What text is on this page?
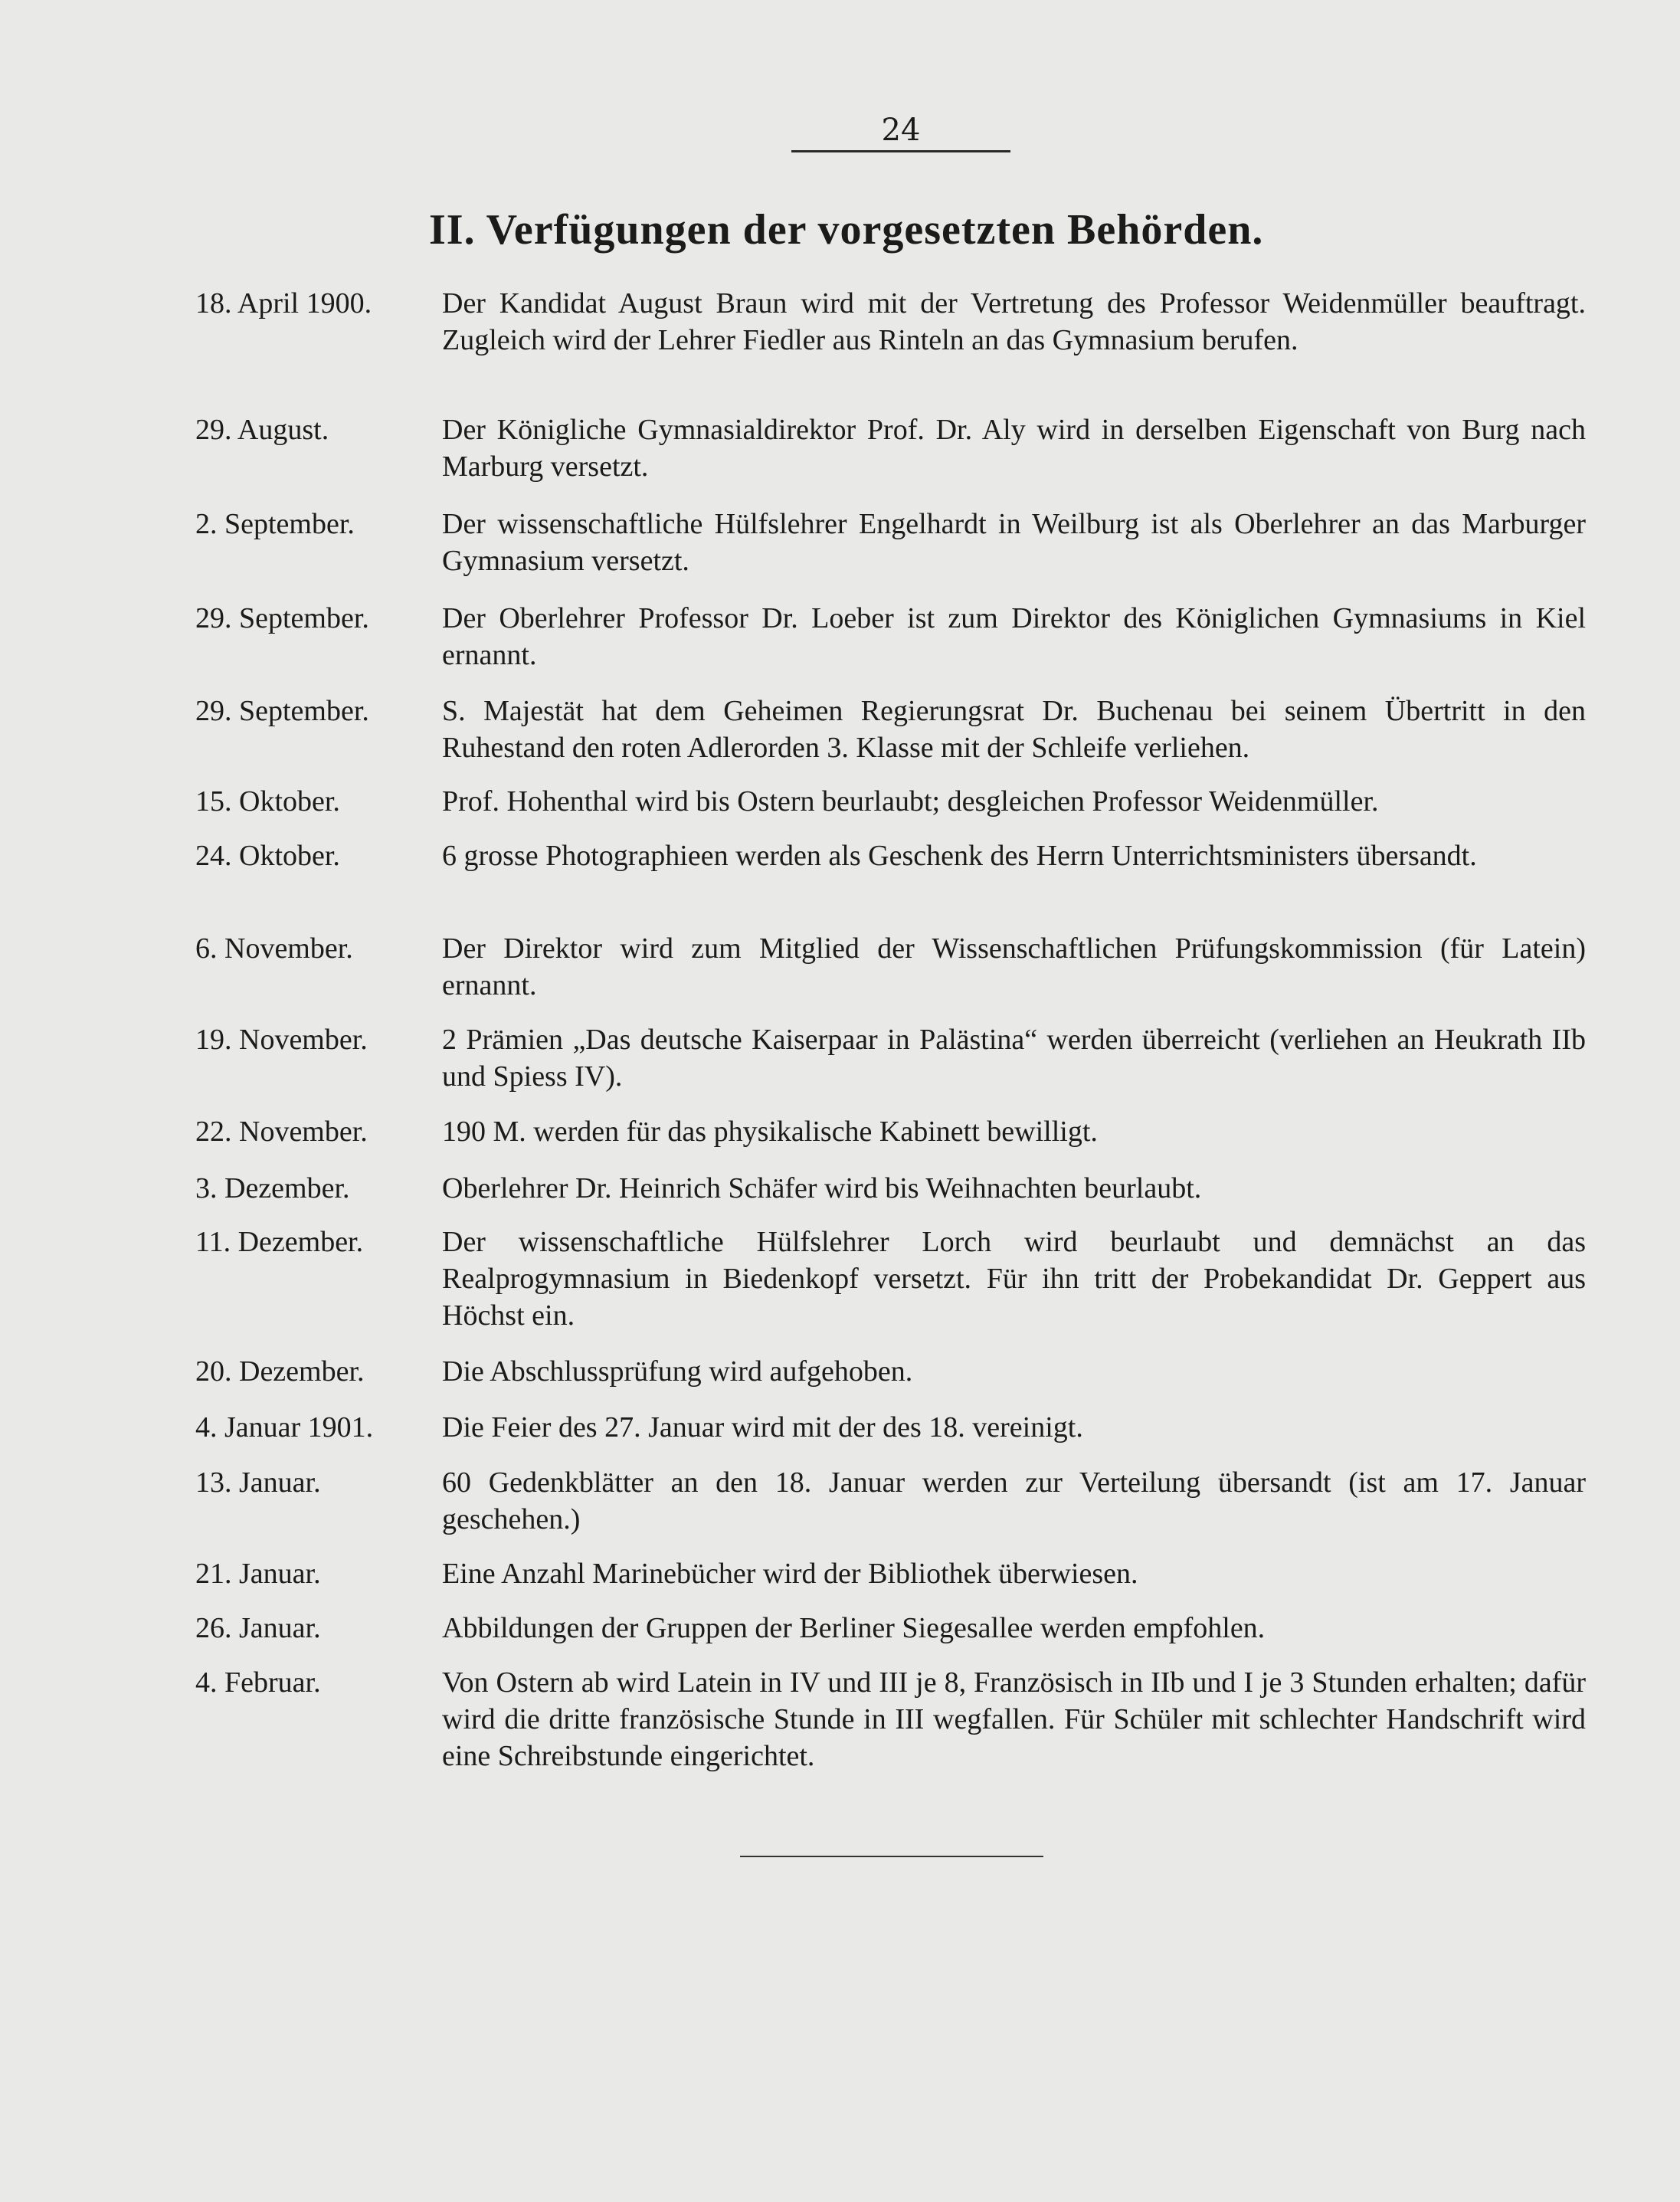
24
II. Verfügungen der vorgesetzten Behörden.
18. April 1900.	Der Kandidat August Braun wird mit der Vertretung des Professor Weidenmüller beauftragt. Zugleich wird der Lehrer Fiedler aus Rinteln an das Gymnasium berufen.
29. August.	Der Königliche Gymnasialdirektor Prof. Dr. Aly wird in derselben Eigenschaft von Burg nach Marburg versetzt.
2. September.	Der wissenschaftliche Hülfslehrer Engelhardt in Weilburg ist als Oberlehrer an das Marburger Gymnasium versetzt.
29. September.	Der Oberlehrer Professor Dr. Loeber ist zum Direktor des Königlichen Gymnasiums in Kiel ernannt.
29. September.	S. Majestät hat dem Geheimen Regierungsrat Dr. Buchenau bei seinem Übertritt in den Ruhestand den roten Adlerorden 3. Klasse mit der Schleife verliehen.
15. Oktober.	Prof. Hohenthal wird bis Ostern beurlaubt; desgleichen Professor Weidenmüller.
24. Oktober.	6 grosse Photographieen werden als Geschenk des Herrn Unterrichtsministers übersandt.
6. November.	Der Direktor wird zum Mitglied der Wissenschaftlichen Prüfungskommission (für Latein) ernannt.
19. November.	2 Prämien „Das deutsche Kaiserpaar in Palästina“ werden überreicht (verliehen an Heukrath IIb und Spiess IV).
22. November.	190 M. werden für das physikalische Kabinett bewilligt.
3. Dezember.	Oberlehrer Dr. Heinrich Schäfer wird bis Weihnachten beurlaubt.
11. Dezember.	Der wissenschaftliche Hülfslehrer Lorch wird beurlaubt und demnächst an das Realprogymnasium in Biedenkopf versetzt. Für ihn tritt der Probekandidat Dr. Geppert aus Höchst ein.
20. Dezember.	Die Abschlussprüfung wird aufgehoben.
4. Januar 1901.	Die Feier des 27. Januar wird mit der des 18. vereinigt.
13. Januar.	60 Gedenkblätter an den 18. Januar werden zur Verteilung übersandt (ist am 17. Januar geschehen.)
21. Januar.	Eine Anzahl Marinebücher wird der Bibliothek überwiesen.
26. Januar.	Abbildungen der Gruppen der Berliner Siegesallee werden empfohlen.
4. Februar.	Von Ostern ab wird Latein in IV und III je 8, Französisch in IIb und I je 3 Stunden erhalten; dafür wird die dritte französische Stunde in III wegfallen. Für Schüler mit schlechter Handschrift wird eine Schreibstunde eingerichtet.
